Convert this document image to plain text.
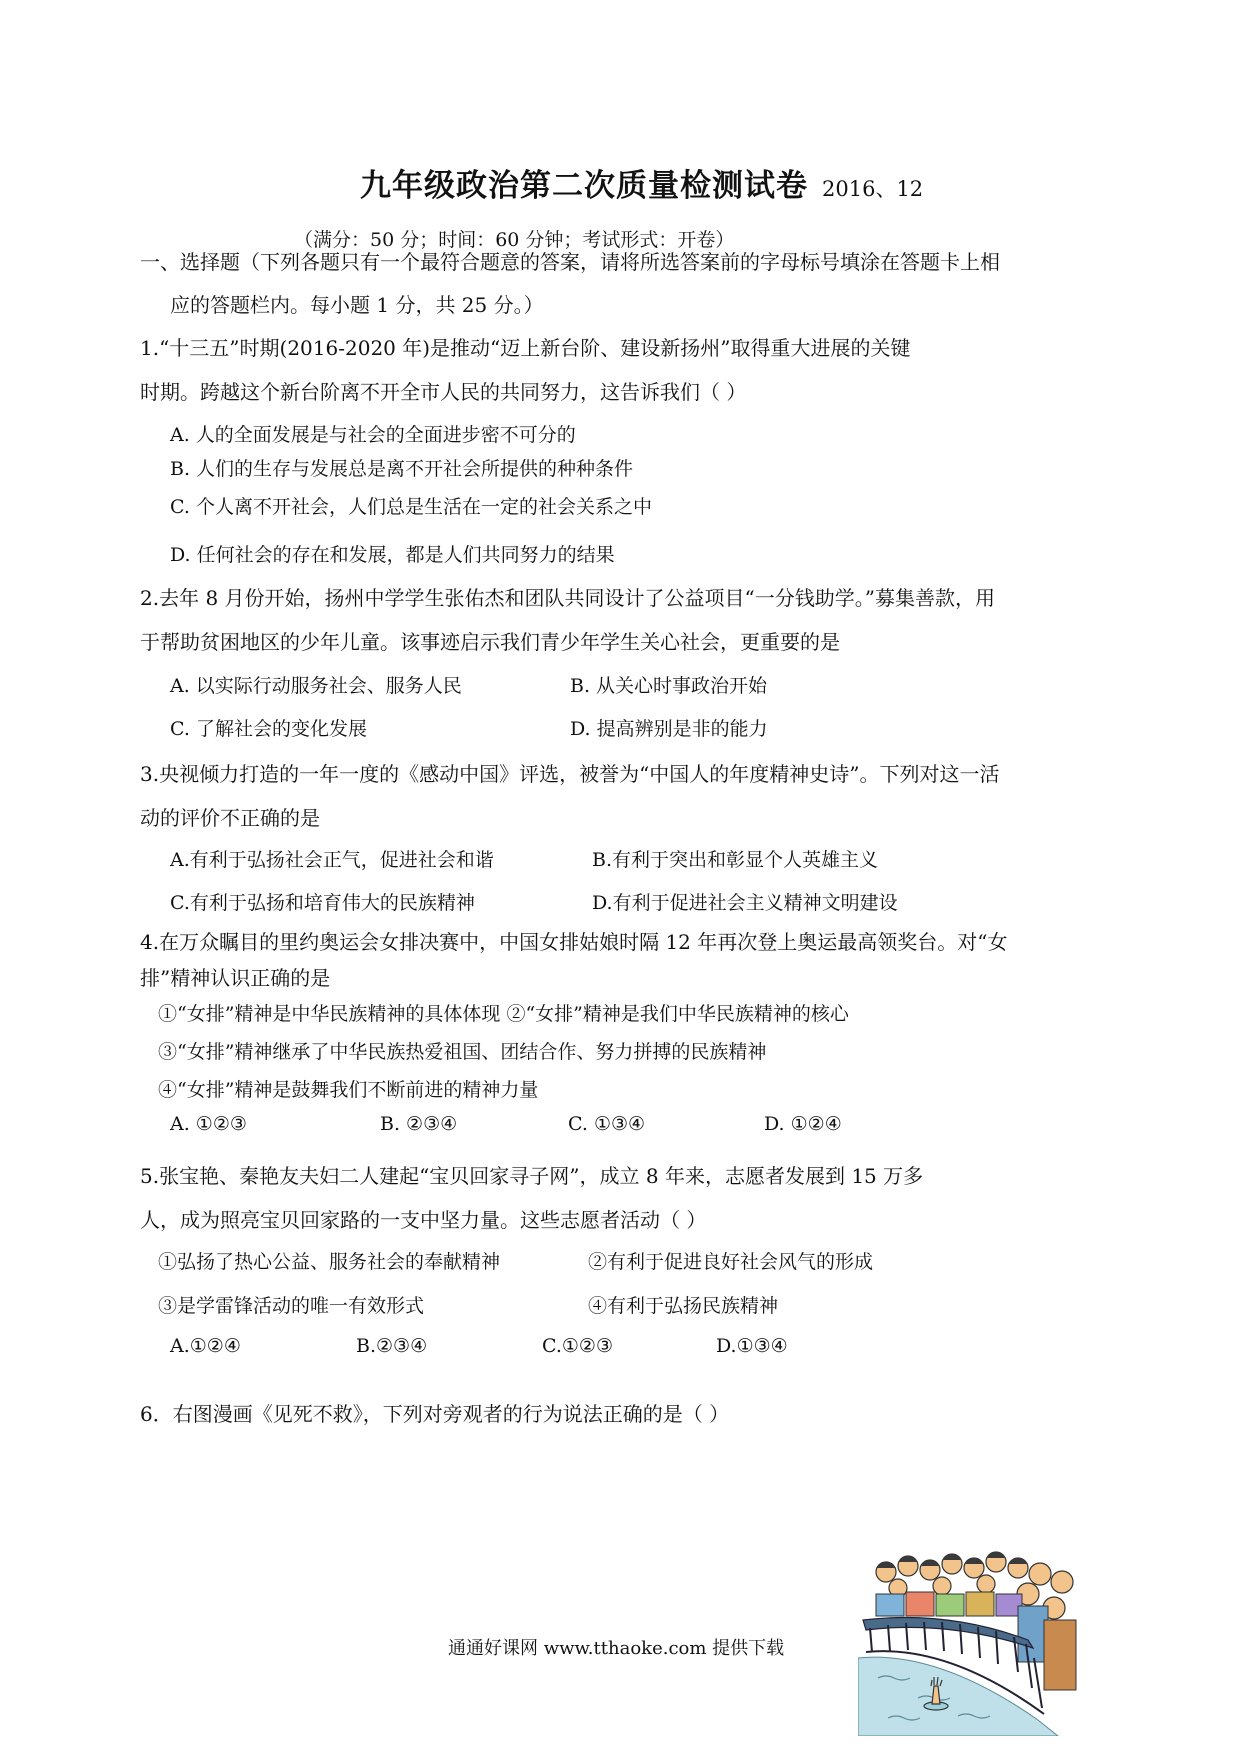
九年级政治第二次质量检测试卷 2016、12
（满分：50 分；时间：60 分钟；考试形式：开卷）
一、选择题（下列各题只有一个最符合题意的答案，请将所选答案前的字母标号填涂在答题卡上相
应的答题栏内。每小题 1 分，共 25 分。）
1.“十三五”时期(2016-2020 年)是推动“迈上新台阶、建设新扬州”取得重大进展的关键
时期。跨越这个新台阶离不开全市人民的共同努力，这告诉我们（ ）
A. 人的全面发展是与社会的全面进步密不可分的
B. 人们的生存与发展总是离不开社会所提供的种种条件
C. 个人离不开社会，人们总是生活在一定的社会关系之中
D. 任何社会的存在和发展，都是人们共同努力的结果
2.去年 8 月份开始，扬州中学学生张佑杰和团队共同设计了公益项目“一分钱助学。”募集善款，用
于帮助贫困地区的少年儿童。该事迹启示我们青少年学生关心社会，更重要的是
A. 以实际行动服务社会、服务人民	B. 从关心时事政治开始
C. 了解社会的变化发展	D. 提高辨别是非的能力
3.央视倾力打造的一年一度的《感动中国》评选，被誉为“中国人的年度精神史诗”。下列对这一活
动的评价不正确的是
A.有利于弘扬社会正气，促进社会和谐	B.有利于突出和彰显个人英雄主义
C.有利于弘扬和培育伟大的民族精神	D.有利于促进社会主义精神文明建设
4.在万众瞩目的里约奥运会女排决赛中，中国女排姑娘时隔 12 年再次登上奥运最高领奖台。对“女
排”精神认识正确的是
①“女排”精神是中华民族精神的具体体现 ②“女排”精神是我们中华民族精神的核心
③“女排”精神继承了中华民族热爱祖国、团结合作、努力拼搏的民族精神
④“女排”精神是鼓舞我们不断前进的精神力量
A. ①②③	B. ②③④	C. ①③④	D. ①②④
5.张宝艳、秦艳友夫妇二人建起“宝贝回家寻子网”，成立 8 年来，志愿者发展到 15 万多
人，成为照亮宝贝回家路的一支中坚力量。这些志愿者活动（ ）
①弘扬了热心公益、服务社会的奉献精神	②有利于促进良好社会风气的形成
③是学雷锋活动的唯一有效形式	④有利于弘扬民族精神
A.①②④	B.②③④	C.①②③	D.①③④
6．右图漫画《见死不救》，下列对旁观者的行为说法正确的是（ ）
通通好课网 www.tthaoke.com 提供下载
